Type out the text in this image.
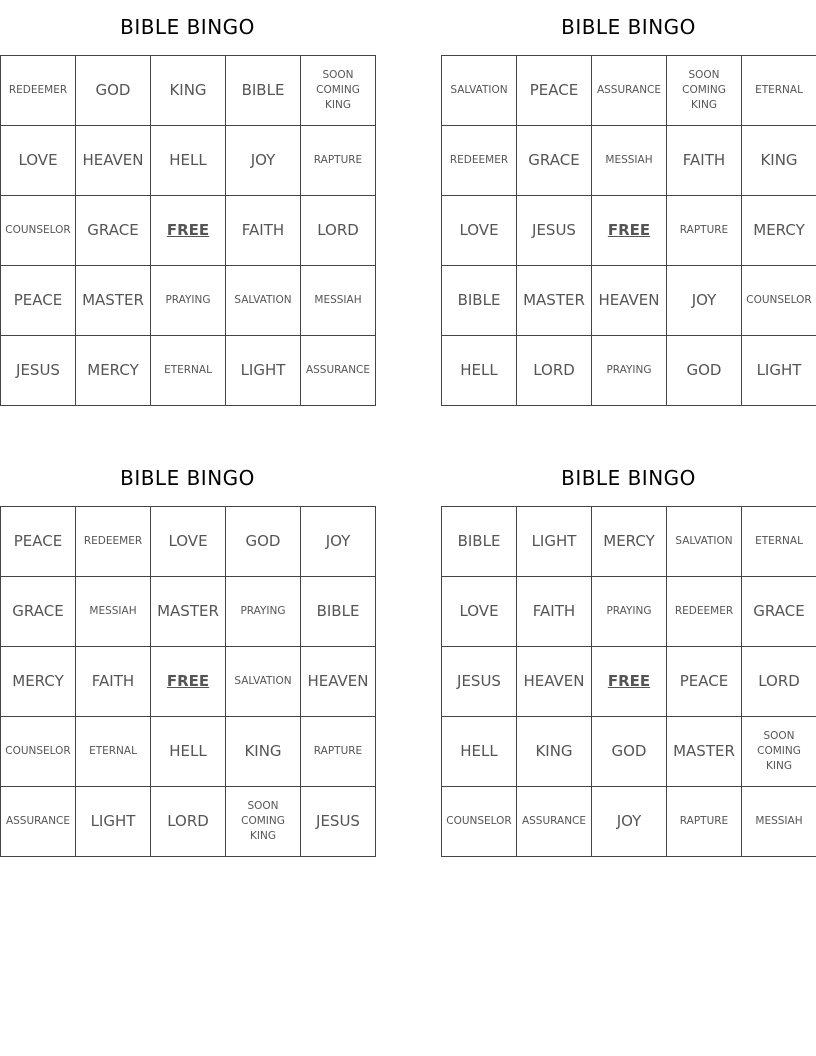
BIBLE BINGO
REDEEMER	GOD	KING	BIBLE	SOON COMING KING
LOVE	HEAVEN	HELL	JOY	RAPTURE
COUNSELOR	GRACE	FREE	FAITH	LORD
PEACE	MASTER	PRAYING	SALVATION	MESSIAH
JESUS	MERCY	ETERNAL	LIGHT	ASSURANCE
BIBLE BINGO
SALVATION	PEACE	ASSURANCE	SOON COMING KING	ETERNAL
REDEEMER	GRACE	MESSIAH	FAITH	KING
LOVE	JESUS	FREE	RAPTURE	MERCY
BIBLE	MASTER	HEAVEN	JOY	COUNSELOR
HELL	LORD	PRAYING	GOD	LIGHT
BIBLE BINGO
PEACE	REDEEMER	LOVE	GOD	JOY
GRACE	MESSIAH	MASTER	PRAYING	BIBLE
MERCY	FAITH	FREE	SALVATION	HEAVEN
COUNSELOR	ETERNAL	HELL	KING	RAPTURE
ASSURANCE	LIGHT	LORD	SOON COMING KING	JESUS
BIBLE BINGO
BIBLE	LIGHT	MERCY	SALVATION	ETERNAL
LOVE	FAITH	PRAYING	REDEEMER	GRACE
JESUS	HEAVEN	FREE	PEACE	LORD
HELL	KING	GOD	MASTER	SOON COMING KING
COUNSELOR	ASSURANCE	JOY	RAPTURE	MESSIAH
